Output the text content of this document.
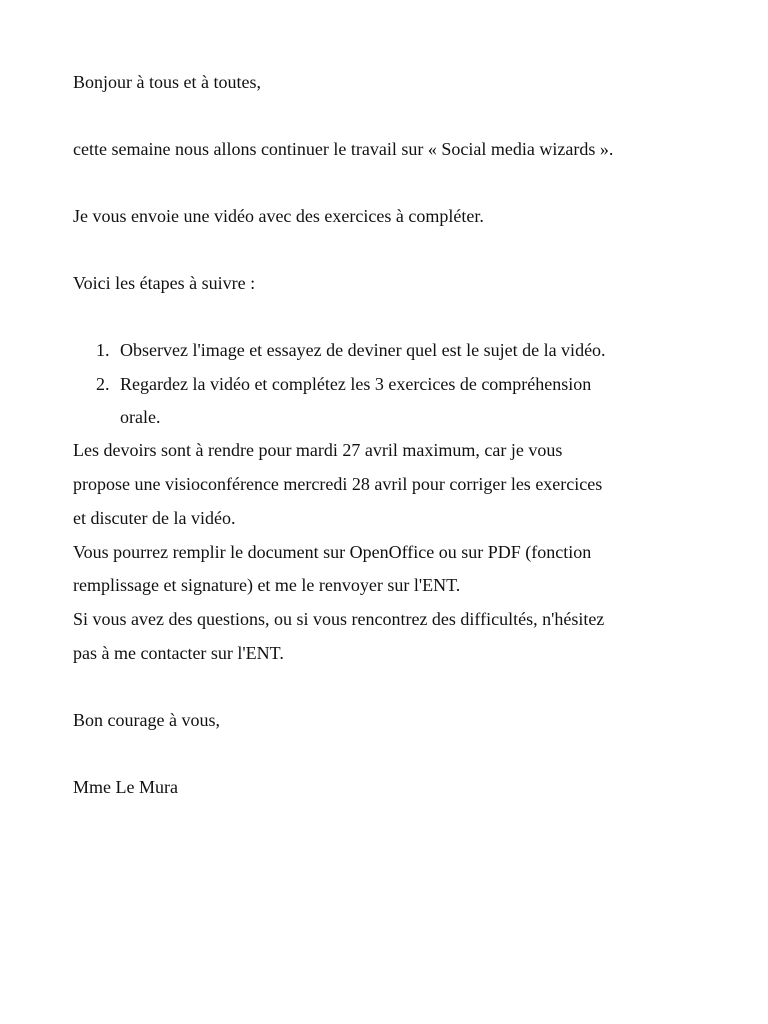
Bonjour à tous et à toutes,
cette semaine nous allons continuer le travail sur « Social media wizards ».
Je vous envoie une vidéo avec des exercices à compléter.
Voici les étapes à suivre :
1. Observez l'image et essayez de deviner quel est le sujet de la vidéo.
2. Regardez la vidéo et complétez les 3 exercices de compréhension
orale.
Les devoirs sont à rendre pour mardi 27 avril maximum, car je vous
propose une visioconférence mercredi 28 avril pour corriger les exercices
et discuter de la vidéo.
Vous pourrez remplir le document sur OpenOffice ou sur PDF (fonction
remplissage et signature) et me le renvoyer sur l'ENT.
Si vous avez des questions, ou si vous rencontrez des difficultés, n'hésitez
pas à me contacter sur l'ENT.
Bon courage à vous,
Mme Le Mura
